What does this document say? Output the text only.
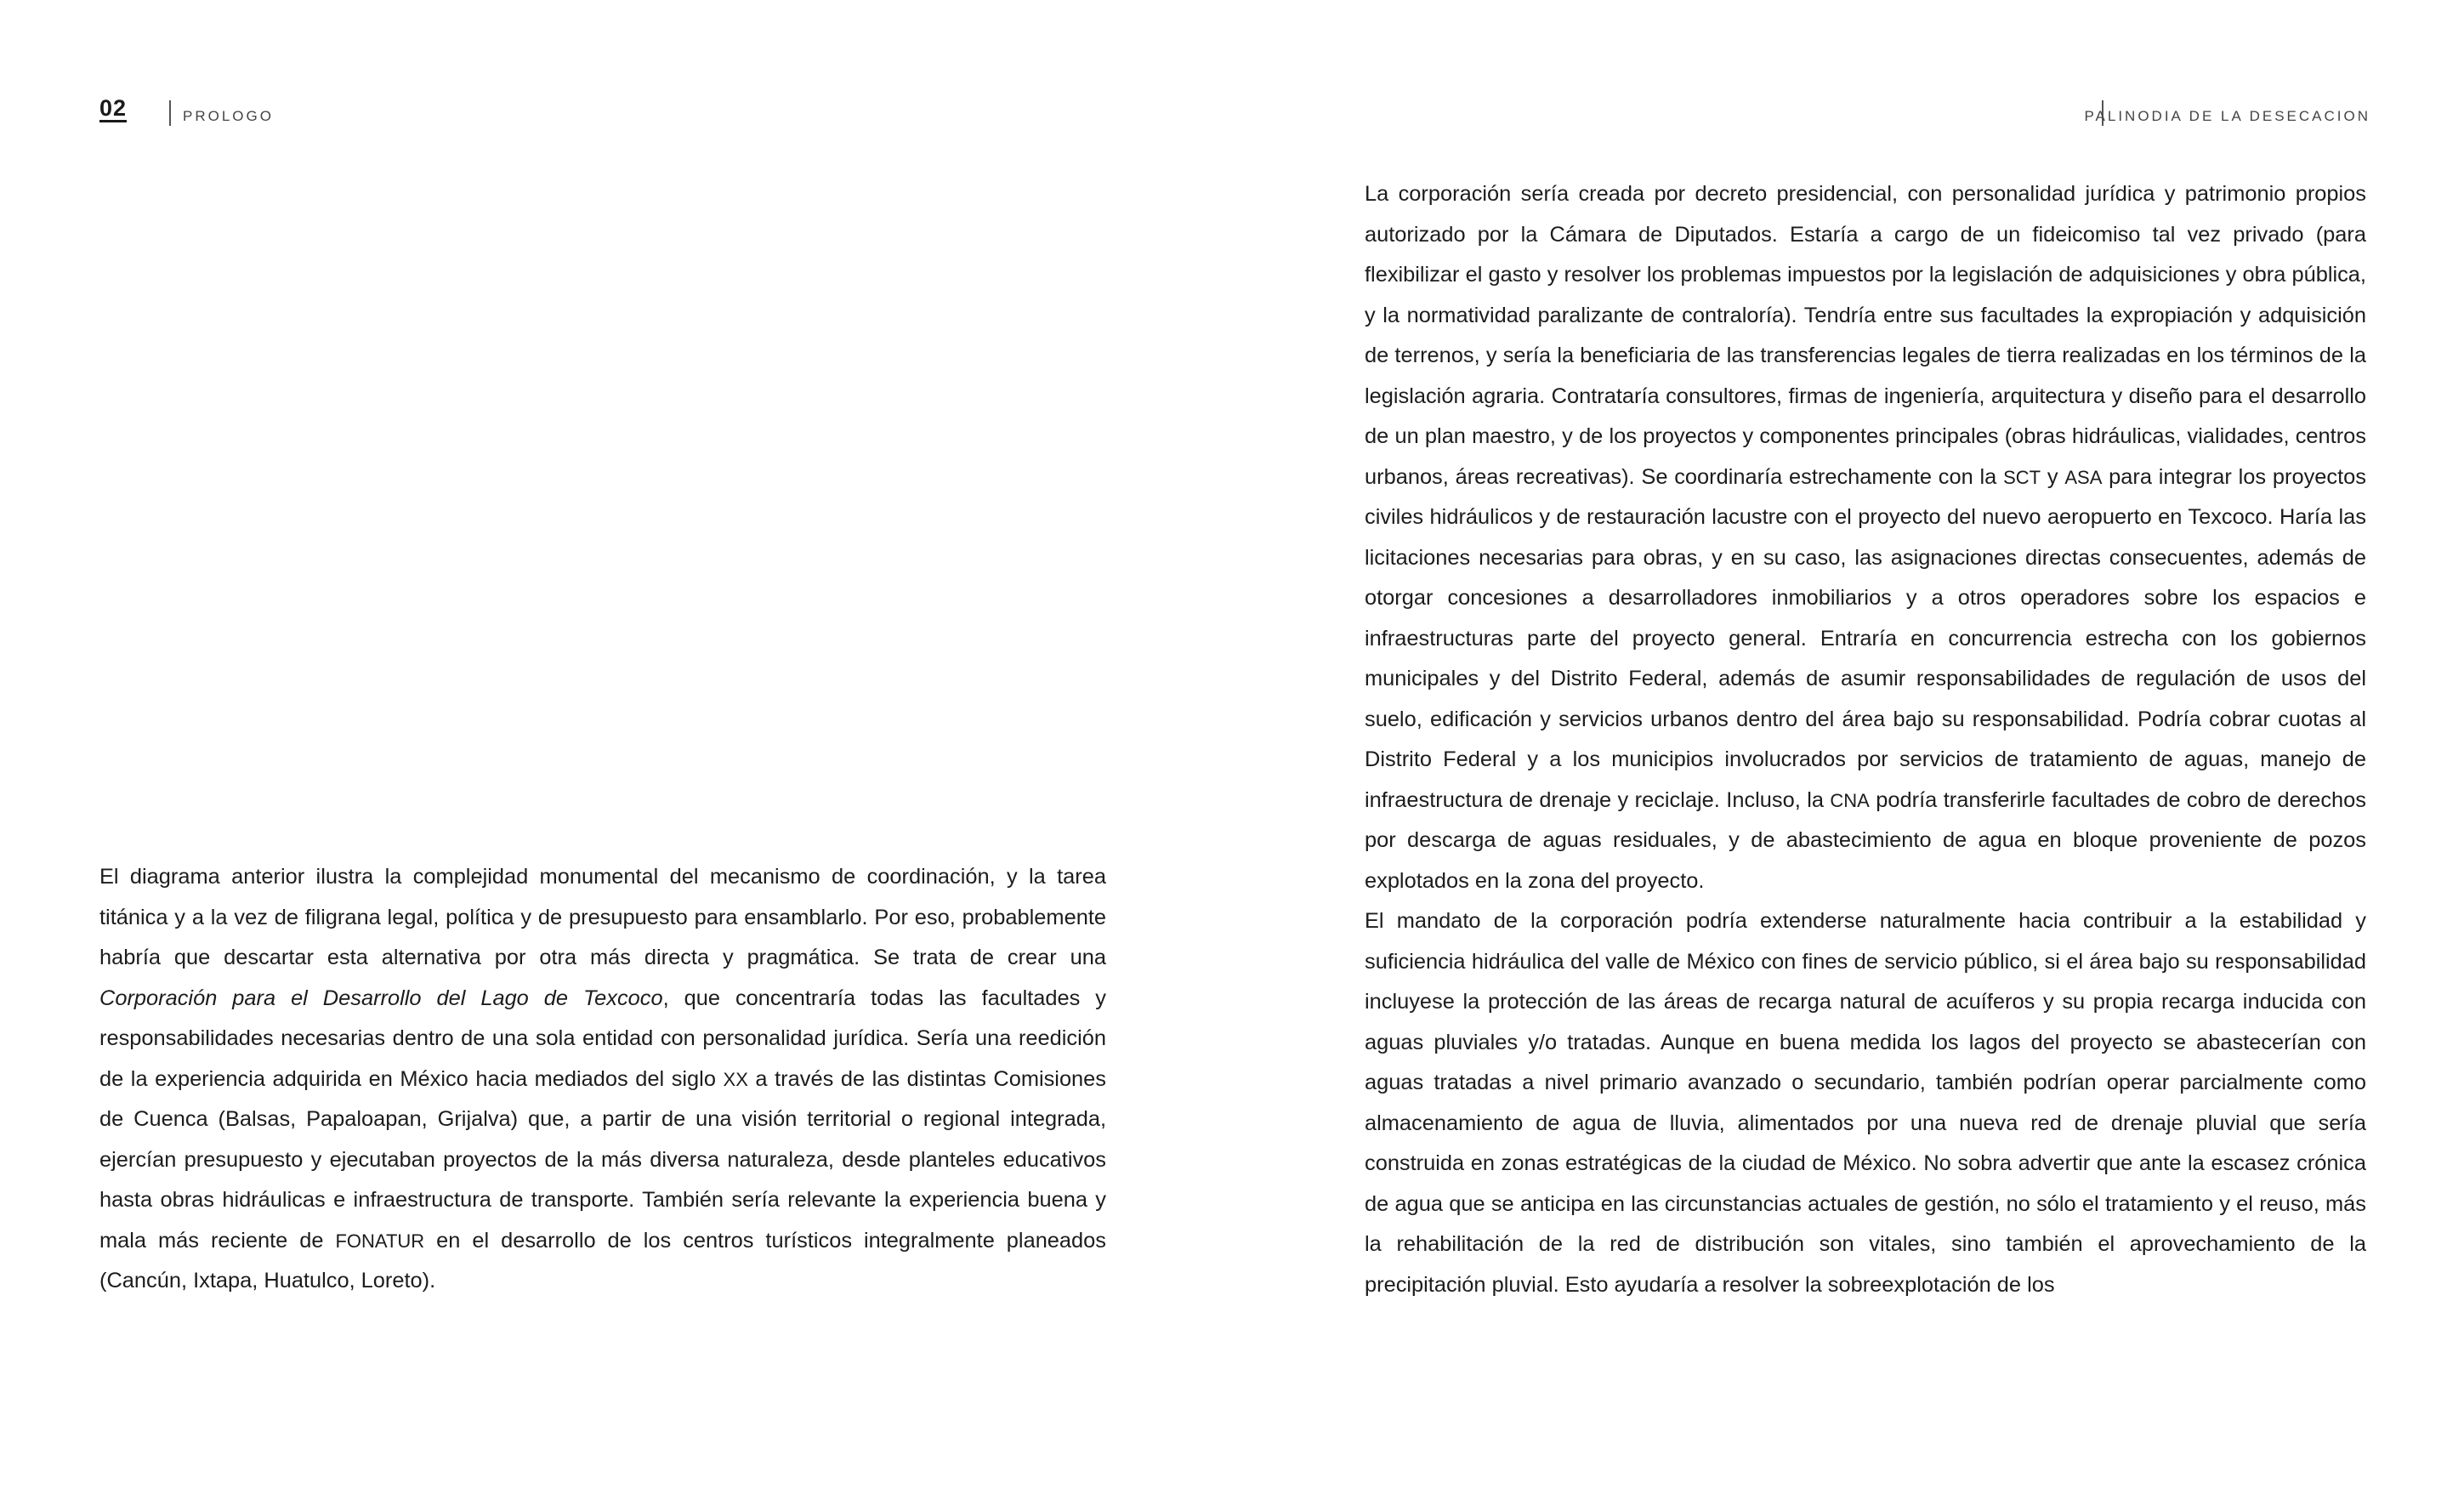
02	PROLOGO	PALINODIA DE LA DESECACION

El diagrama anterior ilustra la complejidad monumental del mecanismo de coordinación, y la tarea titánica y a la vez de filigrana legal, política y de presupuesto para ensamblarlo. Por eso, probablemente habría que descartar esta alternativa por otra más directa y pragmática. Se trata de crear una Corporación para el Desarrollo del Lago de Texcoco, que concentraría todas las facultades y responsabilidades necesarias dentro de una sola entidad con personalidad jurídica. Sería una reedición de la experiencia adquirida en México hacia mediados del siglo XX a través de las distintas Comisiones de Cuenca (Balsas, Papaloapan, Grijalva) que, a partir de una visión territorial o regional integrada, ejercían presupuesto y ejecutaban proyectos de la más diversa naturaleza, desde planteles educativos hasta obras hidráulicas e infraestructura de transporte. También sería relevante la experiencia buena y mala más reciente de FONATUR en el desarrollo de los centros turísticos integralmente planeados (Cancún, Ixtapa, Huatulco, Loreto).

La corporación sería creada por decreto presidencial, con personalidad jurídica y patrimonio propios autorizado por la Cámara de Diputados. Estaría a cargo de un fideicomiso tal vez privado (para flexibilizar el gasto y resolver los problemas impuestos por la legislación de adquisiciones y obra pública, y la normatividad paralizante de contraloría). Tendría entre sus facultades la expropiación y adquisición de terrenos, y sería la beneficiaria de las transferencias legales de tierra realizadas en los términos de la legislación agraria. Contrataría consultores, firmas de ingeniería, arquitectura y diseño para el desarrollo de un plan maestro, y de los proyectos y componentes principales (obras hidráulicas, vialidades, centros urbanos, áreas recreativas). Se coordinaría estrechamente con la SCT y ASA para integrar los proyectos civiles hidráulicos y de restauración lacustre con el proyecto del nuevo aeropuerto en Texcoco. Haría las licitaciones necesarias para obras, y en su caso, las asignaciones directas consecuentes, además de otorgar concesiones a desarrolladores inmobiliarios y a otros operadores sobre los espacios e infraestructuras parte del proyecto general. Entraría en concurrencia estrecha con los gobiernos municipales y del Distrito Federal, además de asumir responsabilidades de regulación de usos del suelo, edificación y servicios urbanos dentro del área bajo su responsabilidad. Podría cobrar cuotas al Distrito Federal y a los municipios involucrados por servicios de tratamiento de aguas, manejo de infraestructura de drenaje y reciclaje. Incluso, la CNA podría transferirle facultades de cobro de derechos por descarga de aguas residuales, y de abastecimiento de agua en bloque proveniente de pozos explotados en la zona del proyecto.

El mandato de la corporación podría extenderse naturalmente hacia contribuir a la estabilidad y suficiencia hidráulica del valle de México con fines de servicio público, si el área bajo su responsabilidad incluyese la protección de las áreas de recarga natural de acuíferos y su propia recarga inducida con aguas pluviales y/o tratadas. Aunque en buena medida los lagos del proyecto se abastecerían con aguas tratadas a nivel primario avanzado o secundario, también podrían operar parcialmente como almacenamiento de agua de lluvia, alimentados por una nueva red de drenaje pluvial que sería construida en zonas estratégicas de la ciudad de México. No sobra advertir que ante la escasez crónica de agua que se anticipa en las circunstancias actuales de gestión, no sólo el tratamiento y el reuso, más la rehabilitación de la red de distribución son vitales, sino también el aprovechamiento de la precipitación pluvial. Esto ayudaría a resolver la sobreexplotación de los
